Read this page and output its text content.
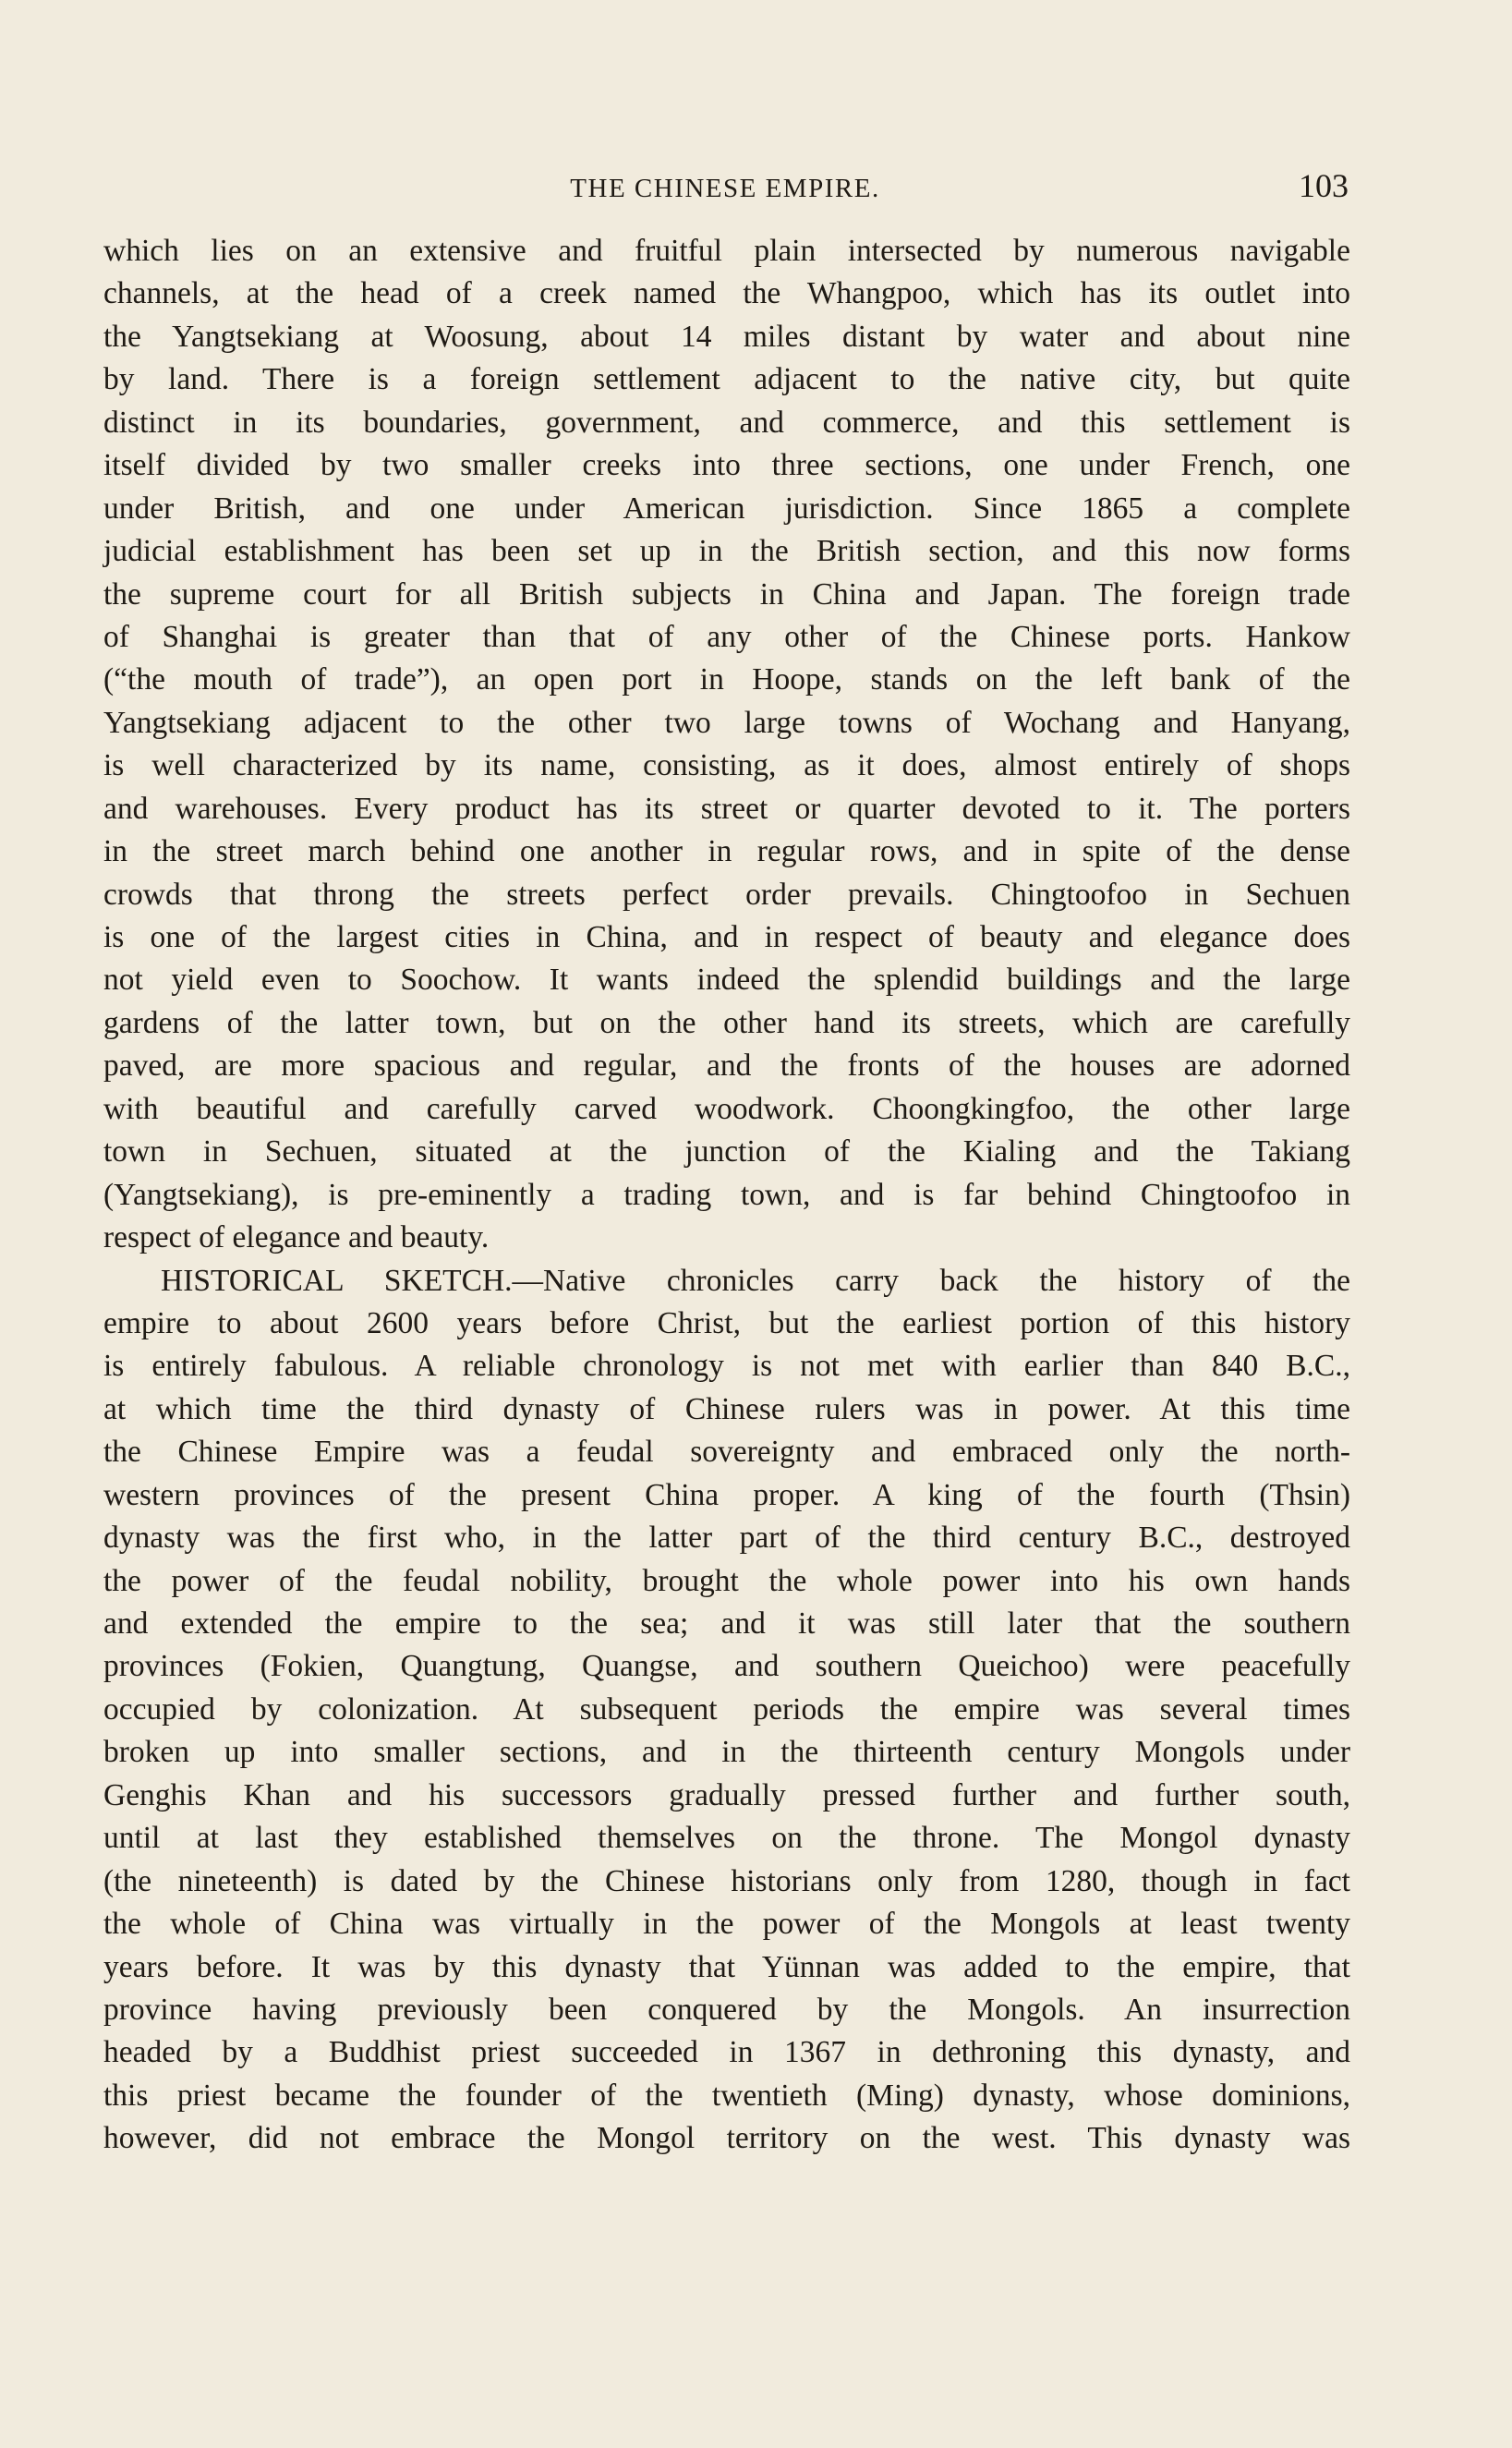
THE CHINESE EMPIRE.	103
which lies on an extensive and fruitful plain intersected by numerous navigable
channels, at the head of a creek named the Whangpoo, which has its outlet into
the Yangtsekiang at Woosung, about 14 miles distant by water and about nine
by land. There is a foreign settlement adjacent to the native city, but quite
distinct in its boundaries, government, and commerce, and this settlement is
itself divided by two smaller creeks into three sections, one under French, one
under British, and one under American jurisdiction. Since 1865 a complete
judicial establishment has been set up in the British section, and this now forms
the supreme court for all British subjects in China and Japan. The foreign trade
of Shanghai is greater than that of any other of the Chinese ports. Hankow
(“the mouth of trade”), an open port in Hoope, stands on the left bank of the
Yangtsekiang adjacent to the other two large towns of Wochang and Hanyang,
is well characterized by its name, consisting, as it does, almost entirely of shops
and warehouses. Every product has its street or quarter devoted to it. The porters
in the street march behind one another in regular rows, and in spite of the dense
crowds that throng the streets perfect order prevails. Chingtoofoo in Sechuen
is one of the largest cities in China, and in respect of beauty and elegance does
not yield even to Soochow. It wants indeed the splendid buildings and the large
gardens of the latter town, but on the other hand its streets, which are carefully
paved, are more spacious and regular, and the fronts of the houses are adorned
with beautiful and carefully carved woodwork. Choongkingfoo, the other large
town in Sechuen, situated at the junction of the Kialing and the Takiang
(Yangtsekiang), is pre-eminently a trading town, and is far behind Chingtoofoo in
respect of elegance and beauty.
HISTORICAL SKETCH.—Native chronicles carry back the history of the
empire to about 2600 years before Christ, but the earliest portion of this history
is entirely fabulous. A reliable chronology is not met with earlier than 840 B.C.,
at which time the third dynasty of Chinese rulers was in power. At this time
the Chinese Empire was a feudal sovereignty and embraced only the north-
western provinces of the present China proper. A king of the fourth (Thsin)
dynasty was the first who, in the latter part of the third century B.C., destroyed
the power of the feudal nobility, brought the whole power into his own hands
and extended the empire to the sea; and it was still later that the southern
provinces (Fokien, Quangtung, Quangse, and southern Queichoo) were peacefully
occupied by colonization. At subsequent periods the empire was several times
broken up into smaller sections, and in the thirteenth century Mongols under
Genghis Khan and his successors gradually pressed further and further south,
until at last they established themselves on the throne. The Mongol dynasty
(the nineteenth) is dated by the Chinese historians only from 1280, though in fact
the whole of China was virtually in the power of the Mongols at least twenty
years before. It was by this dynasty that Yünnan was added to the empire, that
province having previously been conquered by the Mongols. An insurrection
headed by a Buddhist priest succeeded in 1367 in dethroning this dynasty, and
this priest became the founder of the twentieth (Ming) dynasty, whose dominions,
however, did not embrace the Mongol territory on the west. This dynasty was
